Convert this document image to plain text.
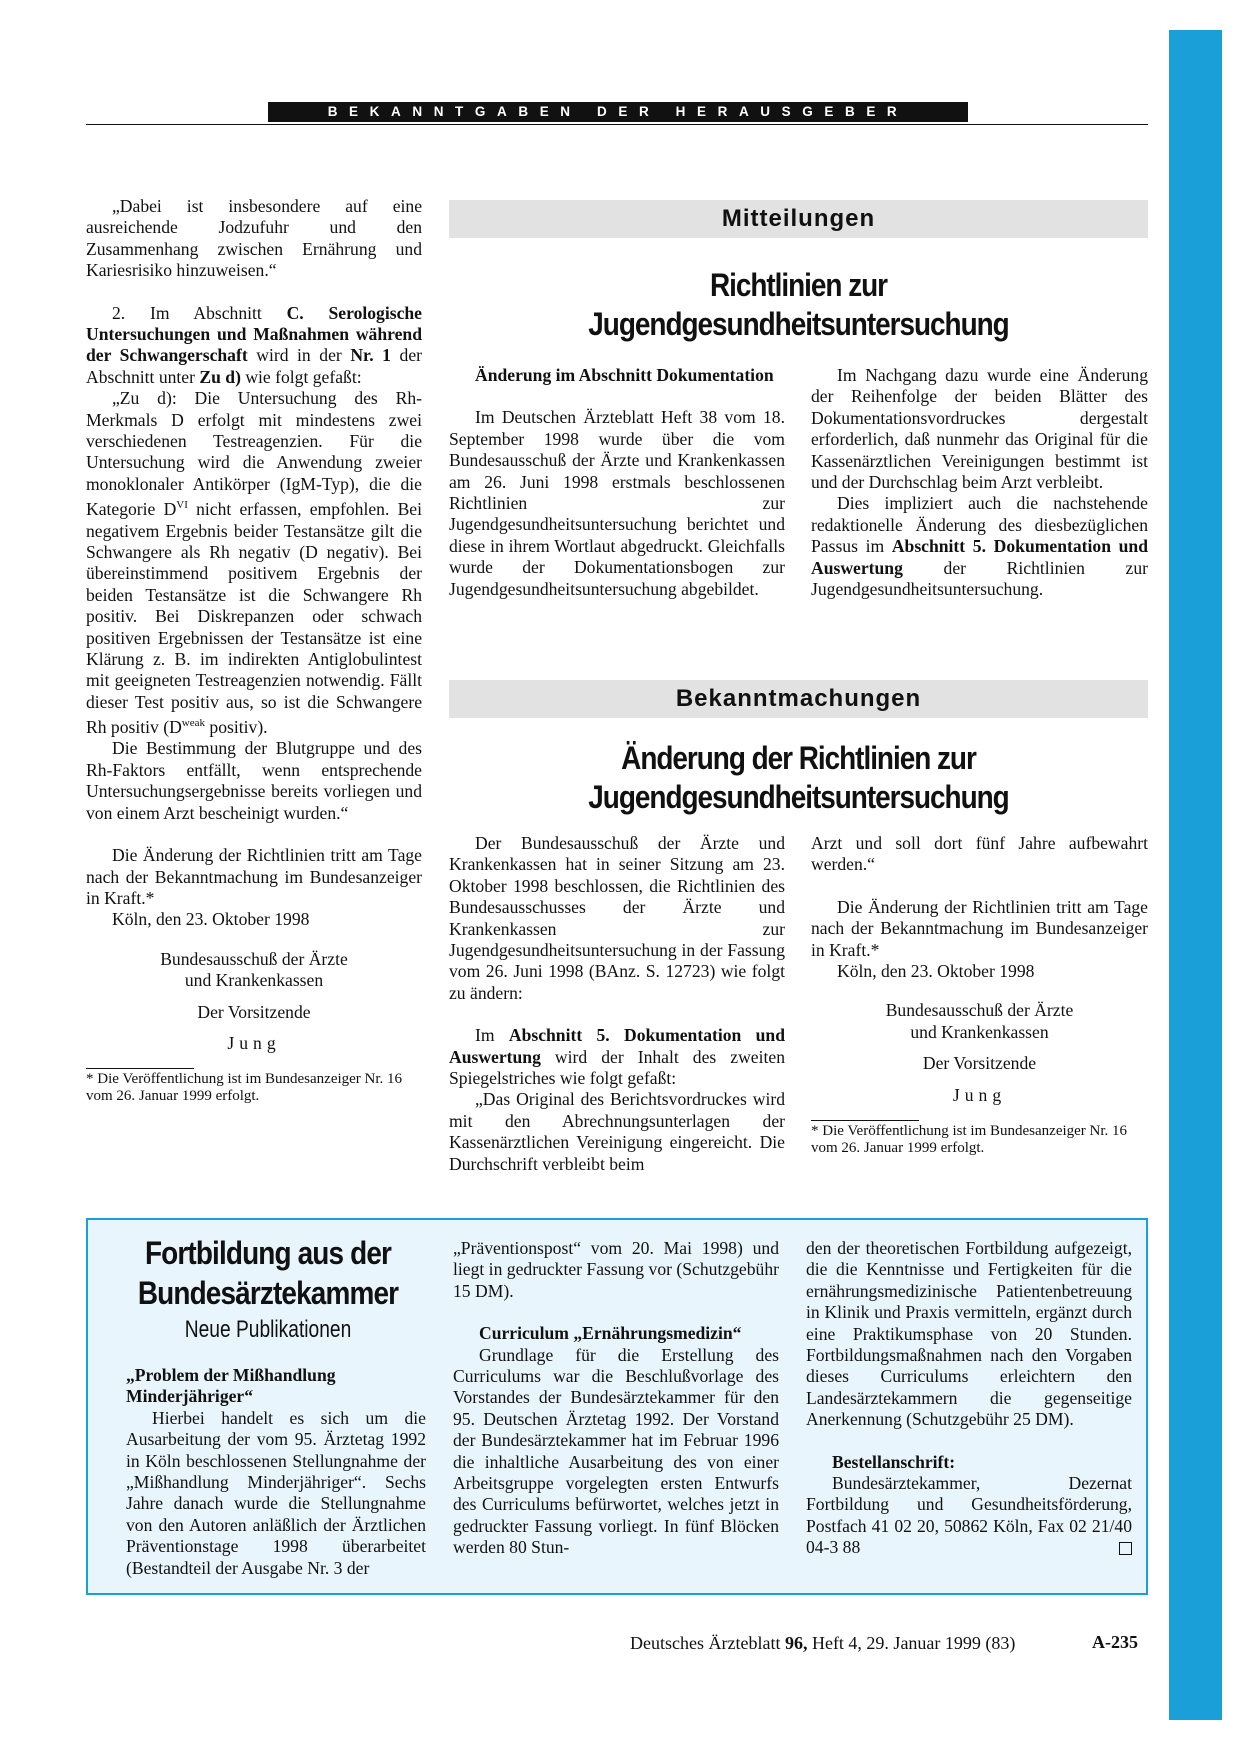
BEKANNTGABEN DER HERAUSGEBER

„Dabei ist insbesondere auf eine ausreichende Jodzufuhr und den Zusammenhang zwischen Ernährung und Kariesrisiko hinzuweisen.“

2. Im Abschnitt C. Serologische Untersuchungen und Maßnahmen während der Schwangerschaft wird in der Nr. 1 der Abschnitt unter Zu d) wie folgt gefaßt:

„Zu d): Die Untersuchung des Rh-Merkmals D erfolgt mit mindestens zwei verschiedenen Testreagenzien. Für die Untersuchung wird die Anwendung zweier monoklonaler Antikörper (IgM-Typ), die die Kategorie $D^{VI}$ nicht erfassen, empfohlen. Bei negativem Ergebnis beider Testansätze gilt die Schwangere als Rh negativ (D negativ). Bei übereinstimmend positivem Ergebnis der beiden Testansätze ist die Schwangere Rh positiv. Bei Diskrepanzen oder schwach positiven Ergebnissen der Testansätze ist eine Klärung z. B. im indirekten Antiglobulintest mit geeigneten Testreagenzien notwendig. Fällt dieser Test positiv aus, so ist die Schwangere Rh positiv ($D^{weak}$ positiv).

Die Bestimmung der Blutgruppe und des Rh-Faktors entfällt, wenn entsprechende Untersuchungsergebnisse bereits vorliegen und von einem Arzt bescheinigt wurden.“

Die Änderung der Richtlinien tritt am Tage nach der Bekanntmachung im Bundesanzeiger in Kraft.*

Köln, den 23. Oktober 1998

Bundesausschuß der Ärzte
und Krankenkassen
Der Vorsitzende
Jung
* Die Veröffentlichung ist im Bundesanzeiger Nr. 16 vom 26. Januar 1999 erfolgt.
Mitteilungen
Richtlinien zur
Jugendgesundheitsuntersuchung

Änderung im Abschnitt Dokumentation

Im Deutschen Ärzteblatt Heft 38 vom 18. September 1998 wurde über die vom Bundesausschuß der Ärzte und Krankenkassen am 26. Juni 1998 erstmals beschlossenen Richtlinien zur Jugendgesundheitsuntersuchung berichtet und diese in ihrem Wortlaut abgedruckt. Gleichfalls wurde der Dokumentationsbogen zur Jugendgesundheitsuntersuchung abgebildet.

Im Nachgang dazu wurde eine Änderung der Reihenfolge der beiden Blätter des Dokumentationsvordruckes dergestalt erforderlich, daß nunmehr das Original für die Kassenärztlichen Vereinigungen bestimmt ist und der Durchschlag beim Arzt verbleibt.

Dies impliziert auch die nachstehende redaktionelle Änderung des diesbezüglichen Passus im Abschnitt 5. Dokumentation und Auswertung der Richtlinien zur Jugendgesundheitsuntersuchung.

Bekanntmachungen
Änderung der Richtlinien zur
Jugendgesundheitsuntersuchung

Der Bundesausschuß der Ärzte und Krankenkassen hat in seiner Sitzung am 23. Oktober 1998 beschlossen, die Richtlinien des Bundesausschusses der Ärzte und Krankenkassen zur Jugendgesundheitsuntersuchung in der Fassung vom 26. Juni 1998 (BAnz. S. 12723) wie folgt zu ändern:

Im Abschnitt 5. Dokumentation und Auswertung wird der Inhalt des zweiten Spiegelstriches wie folgt gefaßt:

„Das Original des Berichtsvordruckes wird mit den Abrechnungsunterlagen der Kassenärztlichen Vereinigung eingereicht. Die Durchschrift verbleibt beim

Arzt und soll dort fünf Jahre aufbewahrt werden.“

Die Änderung der Richtlinien tritt am Tage nach der Bekanntmachung im Bundesanzeiger in Kraft.*

Köln, den 23. Oktober 1998

Bundesausschuß der Ärzte
und Krankenkassen
Der Vorsitzende
Jung
* Die Veröffentlichung ist im Bundesanzeiger Nr. 16 vom 26. Januar 1999 erfolgt.
Fortbildung aus der
Bundesärztekammer
Neue Publikationen

„Problem der Mißhandlung Minderjähriger“

Hierbei handelt es sich um die Ausarbeitung der vom 95. Ärztetag 1992 in Köln beschlossenen Stellungnahme der „Mißhandlung Minderjähriger“. Sechs Jahre danach wurde die Stellungnahme von den Autoren anläßlich der Ärztlichen Präventionstage 1998 überarbeitet (Bestandteil der Ausgabe Nr. 3 der

„Präventionspost“ vom 20. Mai 1998) und liegt in gedruckter Fassung vor (Schutzgebühr 15 DM).

Curriculum „Ernährungsmedizin“

Grundlage für die Erstellung des Curriculums war die Beschlußvorlage des Vorstandes der Bundesärztekammer für den 95. Deutschen Ärztetag 1992. Der Vorstand der Bundesärztekammer hat im Februar 1996 die inhaltliche Ausarbeitung des von einer Arbeitsgruppe vorgelegten ersten Entwurfs des Curriculums befürwortet, welches jetzt in gedruckter Fassung vorliegt. In fünf Blöcken werden 80 Stun-

den der theoretischen Fortbildung aufgezeigt, die die Kenntnisse und Fertigkeiten für die ernährungsmedizinische Patientenbetreuung in Klinik und Praxis vermitteln, ergänzt durch eine Praktikumsphase von 20 Stunden. Fortbildungsmaßnahmen nach den Vorgaben dieses Curriculums erleichtern den Landesärztekammern die gegenseitige Anerkennung (Schutzgebühr 25 DM).

Bestellanschrift:

Bundesärztekammer, Dezernat Fortbildung und Gesundheitsförderung, Postfach 41 02 20, 50862 Köln, Fax 02 21/40 04-3 88

Deutsches Ärzteblatt 96, Heft 4, 29. Januar 1999 (83)	A-235
